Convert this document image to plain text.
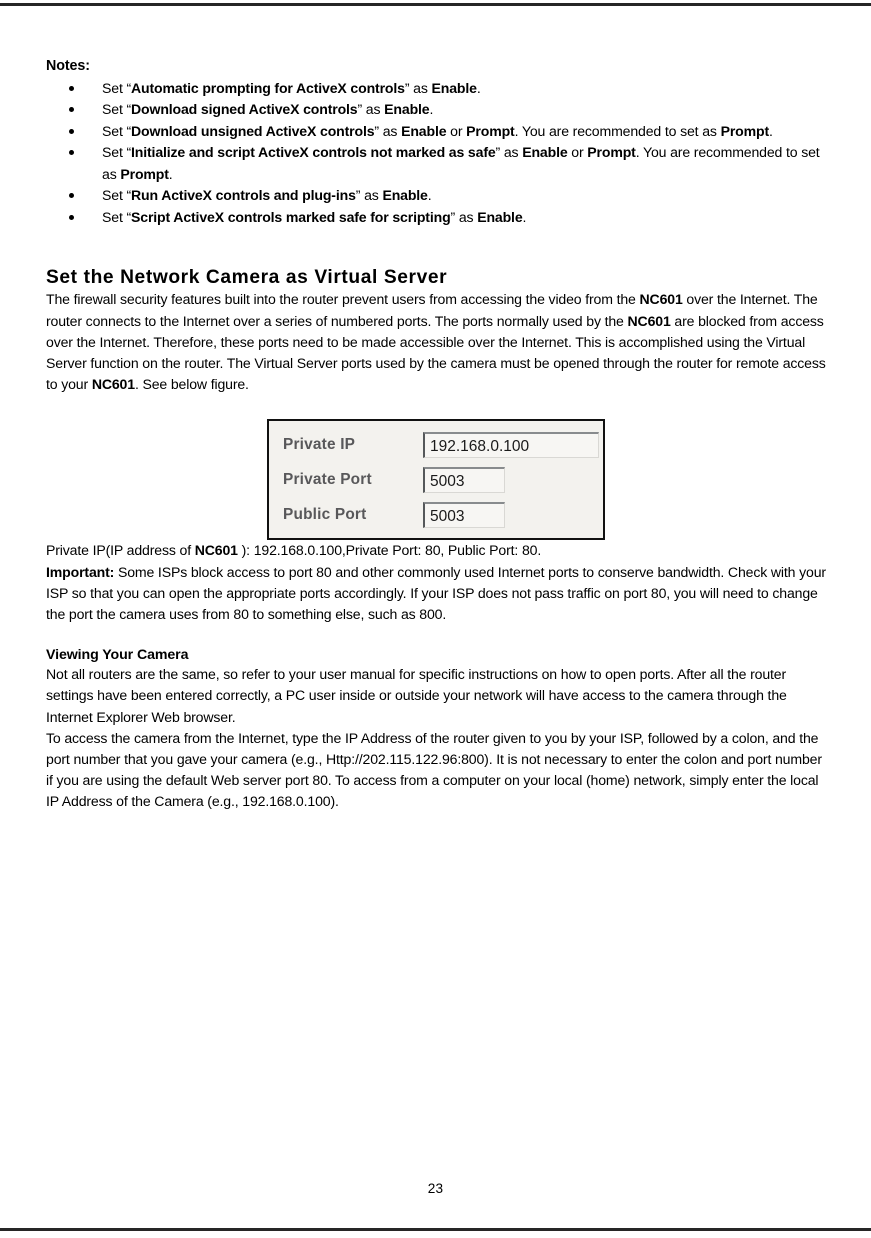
Notes:
Set “Automatic prompting for ActiveX controls” as Enable.
Set “Download signed ActiveX controls” as Enable.
Set “Download unsigned ActiveX controls” as Enable or Prompt. You are recommended to set as Prompt.
Set “Initialize and script ActiveX controls not marked as safe” as Enable or Prompt. You are recommended to set as Prompt.
Set “Run ActiveX controls and plug-ins” as Enable.
Set “Script ActiveX controls marked safe for scripting” as Enable.
Set the Network Camera as Virtual Server

The firewall security features built into the router prevent users from accessing the video from the NC601 over the Internet. The router connects to the Internet over a series of numbered ports. The ports normally used by the NC601 are blocked from access over the Internet. Therefore, these ports need to be made accessible over the Internet. This is accomplished using the Virtual Server function on the router. The Virtual Server ports used by the camera must be opened through the router for remote access to your NC601. See below figure.

Private IP	192.168.0.100
Private Port	5003
Public Port	5003

Private IP(IP address of NC601 ): 192.168.0.100,Private Port: 80, Public Port: 80.

Important: Some ISPs block access to port 80 and other commonly used Internet ports to conserve bandwidth. Check with your ISP so that you can open the appropriate ports accordingly. If your ISP does not pass traffic on port 80, you will need to change the port the camera uses from 80 to something else, such as 800.

Viewing Your Camera

Not all routers are the same, so refer to your user manual for specific instructions on how to open ports. After all the router settings have been entered correctly, a PC user inside or outside your network will have access to the camera through the Internet Explorer Web browser.

To access the camera from the Internet, type the IP Address of the router given to you by your ISP, followed by a colon, and the port number that you gave your camera (e.g., Http://202.115.122.96:800). It is not necessary to enter the colon and port number if you are using the default Web server port 80. To access from a computer on your local (home) network, simply enter the local IP Address of the Camera (e.g., 192.168.0.100).

23
